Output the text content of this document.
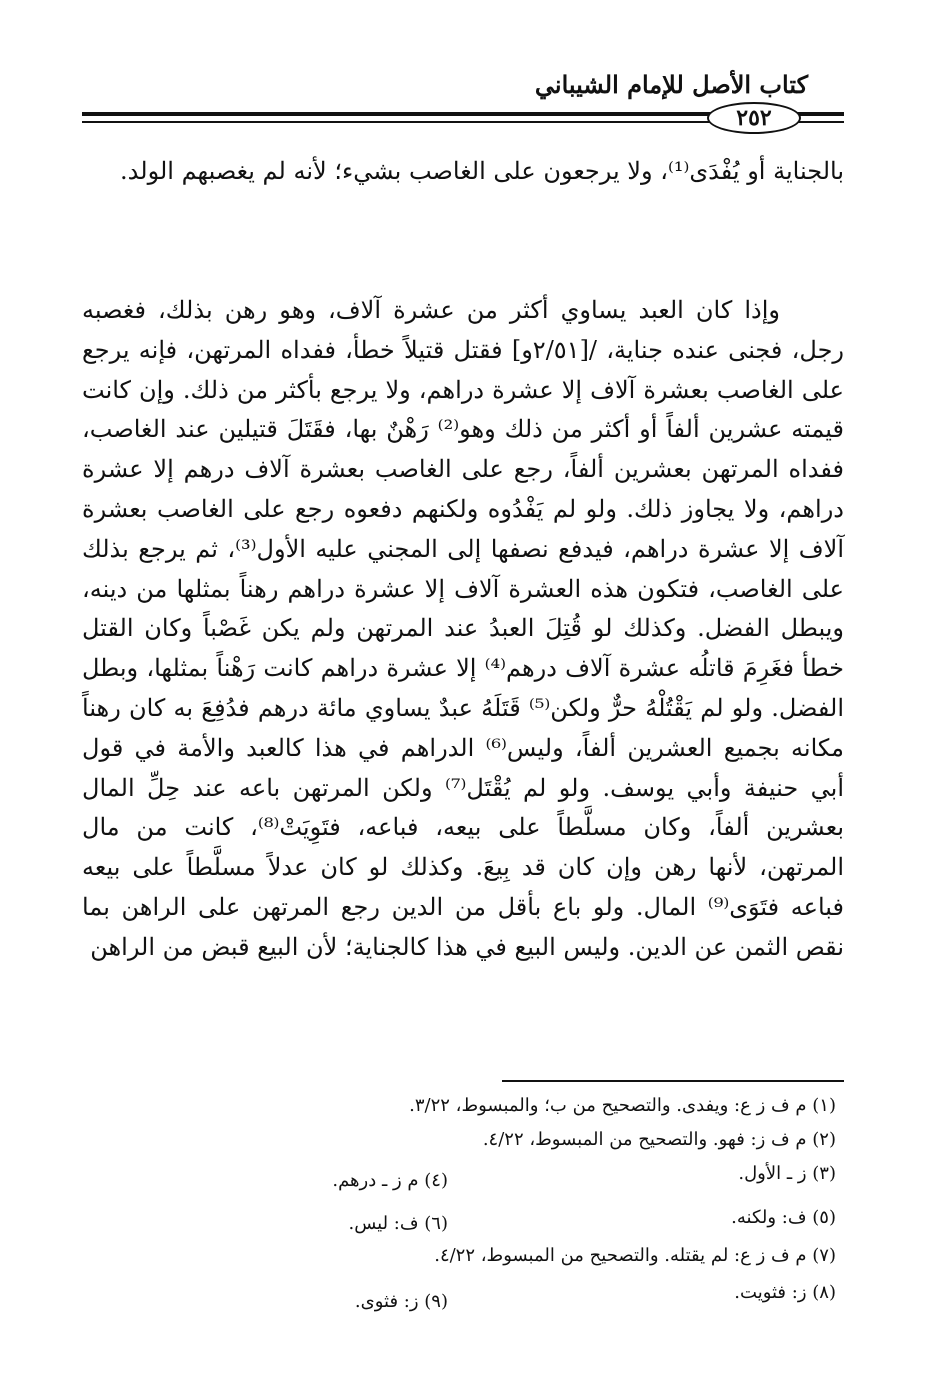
كتاب الأصل للإمام الشيباني
٢٥٢
بالجناية أو يُفْدَى⁽¹⁾، ولا يرجعون على الغاصب بشيء؛ لأنه لم يغصبهم الولد.
وإذا كان العبد يساوي أكثر من عشرة آلاف، وهو رهن بذلك، فغصبه رجل، فجنى عنده جناية، /[٢/٥١و] فقتل قتيلاً خطأ، ففداه المرتهن، فإنه يرجع على الغاصب بعشرة آلاف إلا عشرة دراهم، ولا يرجع بأكثر من ذلك. وإن كانت قيمته عشرين ألفاً أو أكثر من ذلك وهو⁽²⁾ رَهْنٌ بها، فقَتَلَ قتيلين عند الغاصب، ففداه المرتهن بعشرين ألفاً، رجع على الغاصب بعشرة آلاف درهم إلا عشرة دراهم، ولا يجاوز ذلك. ولو لم يَفْدُوه ولكنهم دفعوه رجع على الغاصب بعشرة آلاف إلا عشرة دراهم، فيدفع نصفها إلى المجني عليه الأول⁽³⁾، ثم يرجع بذلك على الغاصب، فتكون هذه العشرة آلاف إلا عشرة دراهم رهناً بمثلها من دينه، ويبطل الفضل. وكذلك لو قُتِلَ العبدُ عند المرتهن ولم يكن غَصْباً وكان القتل خطأ فغَرِمَ قاتلُه عشرة آلاف درهم⁽⁴⁾ إلا عشرة دراهم كانت رَهْناً بمثلها، وبطل الفضل. ولو لم يَقْتُلْهُ حرٌّ ولكن⁽⁵⁾ قَتَلَهُ عبدٌ يساوي مائة درهم فدُفِعَ به كان رهناً مكانه بجميع العشرين ألفاً، وليس⁽⁶⁾ الدراهم في هذا كالعبد والأمة في قول أبي حنيفة وأبي يوسف. ولو لم يُقْتَل⁽⁷⁾ ولكن المرتهن باعه عند حِلِّ المال بعشرين ألفاً، وكان مسلَّطاً على بيعه، فباعه، فتَوِيَتْ⁽⁸⁾، كانت من مال المرتهن، لأنها رهن وإن كان قد بِيعَ. وكذلك لو كان عدلاً مسلَّطاً على بيعه فباعه فتَوَى⁽⁹⁾ المال. ولو باع بأقل من الدين رجع المرتهن على الراهن بما نقص الثمن عن الدين. وليس البيع في هذا كالجناية؛ لأن البيع قبض من الراهن
(١) م ف ز ع: ويفدى. والتصحيح من ب؛ والمبسوط، ٣/٢٢.
(٢) م ف ز: فهو. والتصحيح من المبسوط، ٤/٢٢.
(٣) ز ـ الأول.
(٤) م ز ـ درهم.
(٥) ف: ولكنه.
(٦) ف: ليس.
(٧) م ف ز ع: لم يقتله. والتصحيح من المبسوط، ٤/٢٢.
(٨) ز: فثويت.
(٩) ز: فثوى.
